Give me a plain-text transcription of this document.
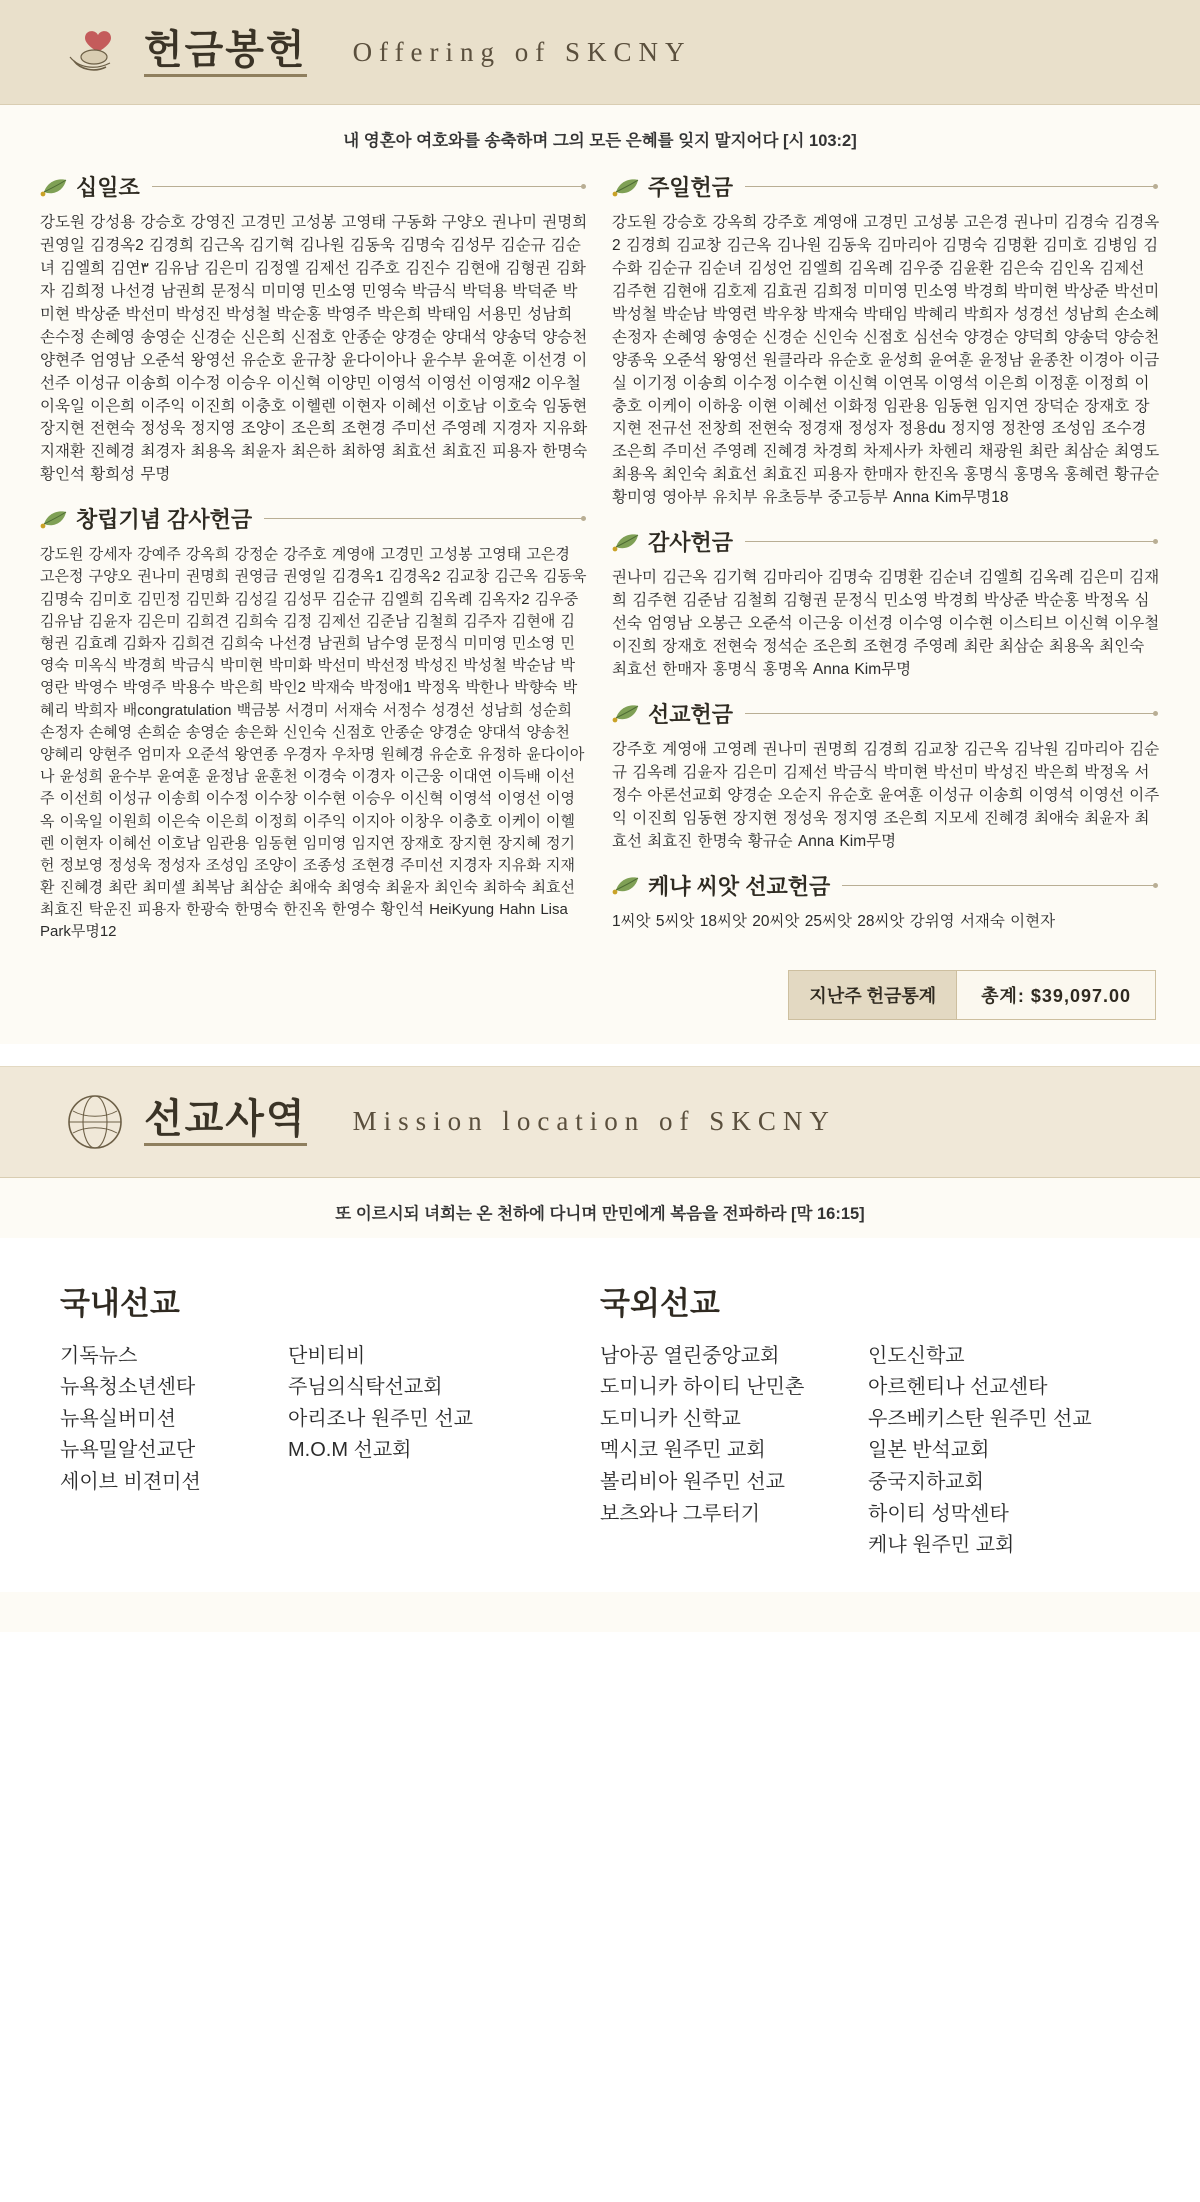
헌금봉헌 Offering of SKCNY
내 영혼아 여호와를 송축하며 그의 모든 은혜를 잊지 말지어다 [시 103:2]
십일조
강도원 강성용 강승호 강영진 고경민 고성봉 고영태 구동화 구양오 권나미 권명희 권영일 김경옥2 김경희 김근옥 김기혁 김나원 김동욱 김명숙 김성무 김순규 김순녀 김엘희 김연۳ 김유남 김은미 김정엘 김제선 김주호 김진수 김현애 김형권 김화자 김희정 나선경 남권희 문정식 미미영 민소영 민영숙 박금식 박덕용 박덕준 박미현 박상준 박선미 박성진 박성철 박순홍 박영주 박은희 박태임 서용민 성남희 손수정 손혜영 송영순 신경순 신은희 신점호 안종순 양경순 양대석 양송덕 양승천 양현주 엄영남 오준석 왕영선 유순호 윤규창 윤다이아나 윤수부 윤여훈 이선경 이선주 이성규 이송희 이수정 이승우 이신혁 이양민 이영석 이영선 이영재2 이우철 이욱일 이은희 이주익 이진희 이충호 이헬렌 이현자 이혜선 이호남 이호숙 임동현 장지현 전현숙 정성욱 정지영 조양이 조은희 조현경 주미선 주영례 지경자 지유화 지재환 진혜경 최경자 최용옥 최윤자 최은하 최하영 최효선 최효진 피용자 한명숙 황인석 황희성 무명
창립기념 감사헌금
강도원 강세자 강예주 강옥희 강정순 강주호 계영애 고경민 고성봉 고영태 고은경 고은정 구양오 권나미 권명희 권영금 권영일 김경옥1 김경옥2 김교창 김근옥 김동욱 김명숙 김미호 김민정 김민화 김성길 김성무 김순규 김엘희 김옥례 김옥자2 김우중 김유남 김윤자 김은미 김희견 김희숙 김정 김제선 김준남 김철희 김주자 김현애 김형권 김효례 김화자 김희견 김희숙 나선경 남권희 남수영 문정식 미미영 민소영 민영숙 미옥식 박경희 박금식 박미현 박미화 박선미 박선정 박성진 박성철 박순남 박영란 박영수 박영주 박용수 박은희 박인2 박재숙 박정애1 박정옥 박한나 박향숙 박혜리 박희자 배congratulation 백금봉 서경미 서재숙 서정수 성경선 성남희 성순희 손정자 손혜영 손희순 송영순 송은화 신인숙 신점호 안종순 양경순 양대석 양송천 양혜리 양현주 엄미자 오준석 왕연종 우경자 우차명 원혜경 유순호 유정하 윤다이아나 윤성희 윤수부 윤여훈 윤정남 윤훈천 이경숙 이경자 이근웅 이대연 이득배 이선주 이선희 이성규 이송희 이수정 이수창 이수현 이승우 이신혁 이영석 이영선 이영옥 이욱일 이원희 이은숙 이은희 이정희 이주익 이지아 이창우 이충호 이케이 이헬렌 이현자 이혜선 이호남 임관용 임동현 임미영 임지연 장재호 장지현 장지혜 정기헌 정보영 정성욱 정성자 조성임 조양이 조종성 조현경 주미선 지경자 지유화 지재환 진혜경 최란 최미셀 최복남 최삼순 최애숙 최영숙 최윤자 최인숙 최하숙 최효선 최효진 탁운진 피용자 한광숙 한명숙 한진옥 한영수 황인석 HeiKyung Hahn Lisa Park무명12
주일헌금
강도원 강승호 강옥희 강주호 계영애 고경민 고성봉 고은경 권나미 김경숙 김경옥2 김경희 김교창 김근옥 김나원 김동욱 김마리아 김명숙 김명환 김미호 김병임 김수화 김순규 김순녀 김성언 김엘희 김옥례 김우중 김윤환 김은숙 김인옥 김제선 김주현 김현애 김호제 김효권 김희정 미미영 민소영 박경희 박미현 박상준 박선미 박성철 박순남 박영련 박우창 박재숙 박태임 박혜리 박희자 성경선 성남희 손소혜 손정자 손혜영 송영순 신경순 신인숙 신점호 심선숙 양경순 양덕희 양송덕 양승천 양종욱 오준석 왕영선 원클라라 유순호 윤성희 윤여훈 윤정남 윤종찬 이경아 이금실 이기정 이송희 이수정 이수현 이신혁 이연목 이영석 이은희 이정훈 이정희 이충호 이케이 이하웅 이현 이혜선 이화정 임관용 임동현 임지연 장덕순 장재호 장지현 전규선 전창희 전현숙 정경재 정성자 정용du 정지영 정찬영 조성임 조수경 조은희 주미선 주영례 진혜경 차경희 차제사카 차헨리 채광원 최란 최삼순 최영도 최용옥 최인숙 최효선 최효진 피용자 한매자 한진옥 홍명식 홍명옥 홍혜련 황규순 황미영 영아부 유치부 유초등부 중고등부 Anna Kim무명18
감사헌금
권나미 김근옥 김기혁 김마리아 김명숙 김명환 김순녀 김엘희 김옥례 김은미 김재희 김주현 김준남 김철희 김형권 문정식 민소영 박경희 박상준 박순홍 박정옥 심선숙 엄영남 오봉근 오준석 이근웅 이선경 이수영 이수현 이스티브 이신혁 이우철 이진희 장재호 전현숙 정석순 조은희 조현경 주영례 최란 최삼순 최용옥 최인숙 최효선 한매자 홍명식 홍명옥 Anna Kim무명
선교헌금
강주호 계영애 고영례 권나미 권명희 김경희 김교창 김근옥 김낙원 김마리아 김순규 김옥례 김윤자 김은미 김제선 박금식 박미현 박선미 박성진 박은희 박정옥 서정수 아론선교회 양경순 오순지 유순호 윤여훈 이성규 이송희 이영석 이영선 이주익 이진희 임동현 장지현 정성욱 정지영 조은희 지모세 진혜경 최애숙 최윤자 최효선 최효진 한명숙 황규순 Anna Kim무명
케냐 씨앗 선교헌금
1씨앗 5씨앗 18씨앗 20씨앗 25씨앗 28씨앗 강위영 서재숙 이현자
지난주 헌금통계	총계: $39,097.00
선교사역 Mission location of SKCNY
또 이르시되 녀희는 온 천하에 다니며 만민에게 복음을 전파하라 [막 16:15]
국내선교
기독뉴스
뉴욕청소년센타
뉴욕실버미션
뉴욕밀알선교단
세이브 비젼미션
단비티비
주님의식탁선교회
아리조나 원주민 선교
M.O.M 선교회
국외선교
남아공 열린중앙교회
도미니카 하이티 난민촌
도미니카 신학교
멕시코 원주민 교회
볼리비아 원주민 선교
보츠와나 그루터기
인도신학교
아르헨티나 선교센타
우즈베키스탄 원주민 선교
일본 반석교회
중국지하교회
하이티 성막센타
케냐 원주민 교회
